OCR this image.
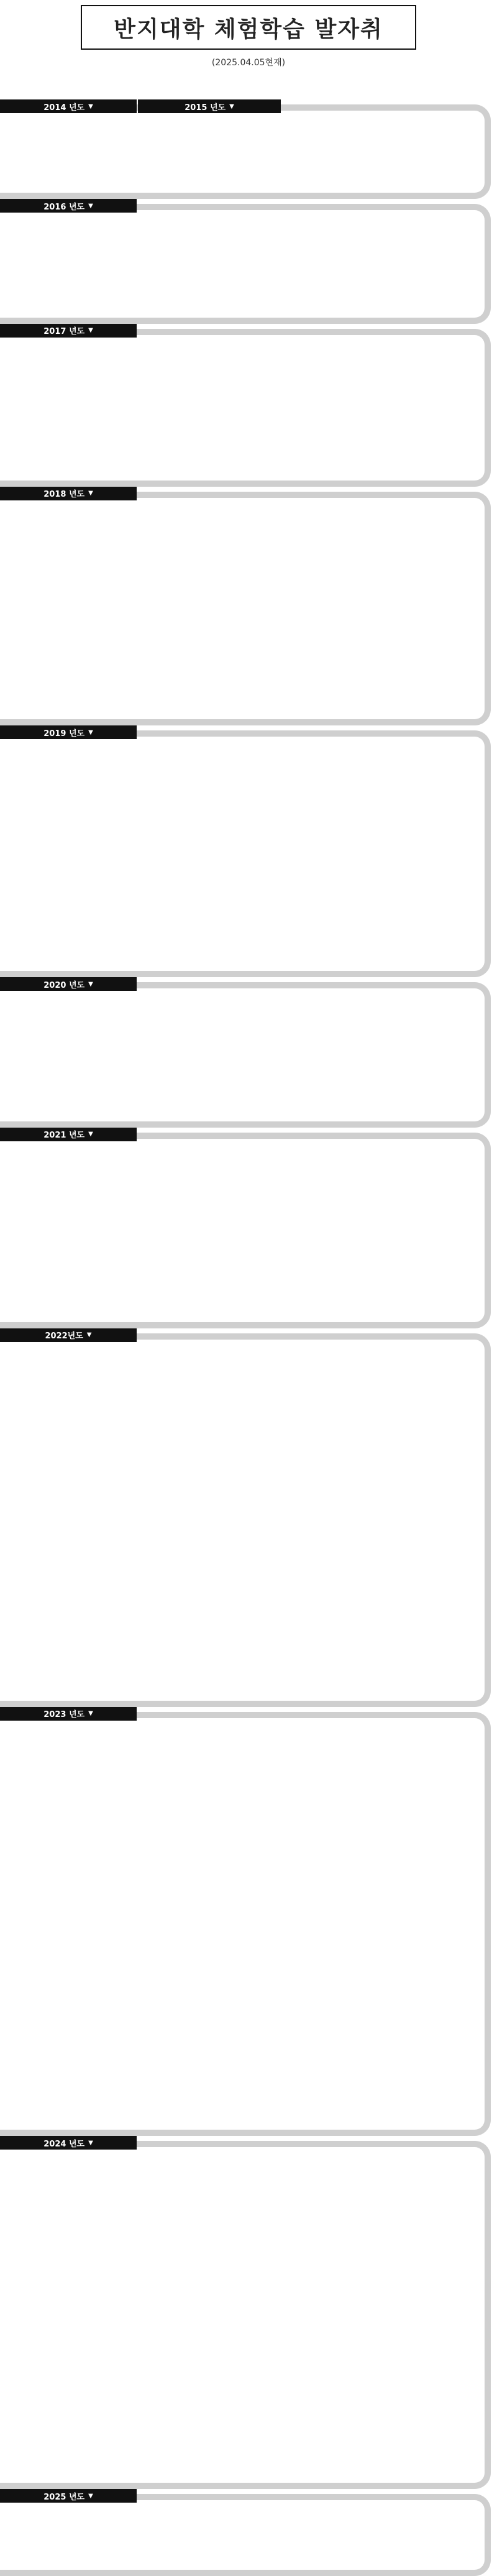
반지대학 체험학습 발자취
(2025.04.05현재)
2014 년도 ▼	2015 년도 ▼
2016 년도 ▼
2017 년도 ▼
2018 년도 ▼
2019 년도 ▼
2020 년도 ▼
2021 년도 ▼
2022년도 ▼
2023 년도 ▼
2024 년도 ▼
2025 년도 ▼
